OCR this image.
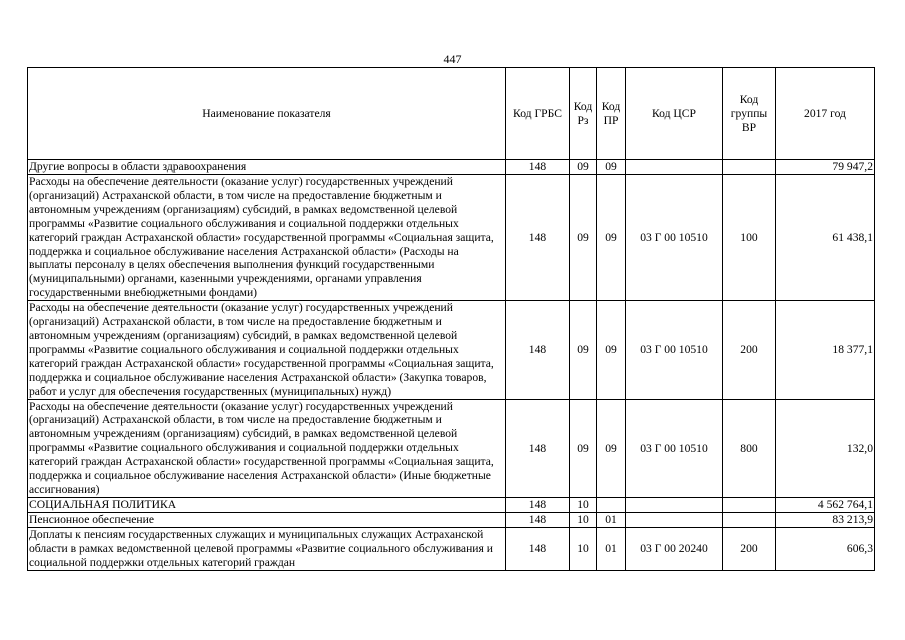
447
Наименование показателя	Код ГРБС	Код Рз	Код ПР	Код ЦСР	Код группы ВР	2017 год
Другие вопросы в области здравоохранения	148	09	09			79 947,2
Расходы на обеспечение деятельности (оказание услуг) государственных учреждений (организаций) Астраханской области, в том числе на предоставление бюджетным и автономным учреждениям (организациям) субсидий, в рамках ведомственной целевой программы «Развитие социального обслуживания и социальной поддержки отдельных категорий граждан Астраханской области» государственной программы «Социальная защита, поддержка и социальное обслуживание населения Астраханской области» (Расходы на выплаты персоналу в целях обеспечения выполнения функций государственными (муниципальными) органами, казенными учреждениями, органами управления государственными внебюджетными фондами)	148	09	09	03 Г 00 10510	100	61 438,1
Расходы на обеспечение деятельности (оказание услуг) государственных учреждений (организаций) Астраханской области, в том числе на предоставление бюджетным и автономным учреждениям (организациям) субсидий, в рамках ведомственной целевой программы «Развитие социального обслуживания и социальной поддержки отдельных категорий граждан Астраханской области» государственной программы «Социальная защита, поддержка и социальное обслуживание населения Астраханской области» (Закупка товаров, работ и услуг для обеспечения государственных (муниципальных) нужд)	148	09	09	03 Г 00 10510	200	18 377,1
Расходы на обеспечение деятельности (оказание услуг) государственных учреждений (организаций) Астраханской области, в том числе на предоставление бюджетным и автономным учреждениям (организациям) субсидий, в рамках ведомственной целевой программы «Развитие социального обслуживания и социальной поддержки отдельных категорий граждан Астраханской области» государственной программы «Социальная защита, поддержка и социальное обслуживание населения Астраханской области» (Иные бюджетные ассигнования)	148	09	09	03 Г 00 10510	800	132,0
СОЦИАЛЬНАЯ ПОЛИТИКА	148	10				4 562 764,1
Пенсионное обеспечение	148	10	01			83 213,9
Доплаты к пенсиям государственных служащих и муниципальных служащих Астраханской области в рамках ведомственной целевой программы «Развитие социального обслуживания и социальной поддержки отдельных категорий граждан	148	10	01	03 Г 00 20240	200	606,3
